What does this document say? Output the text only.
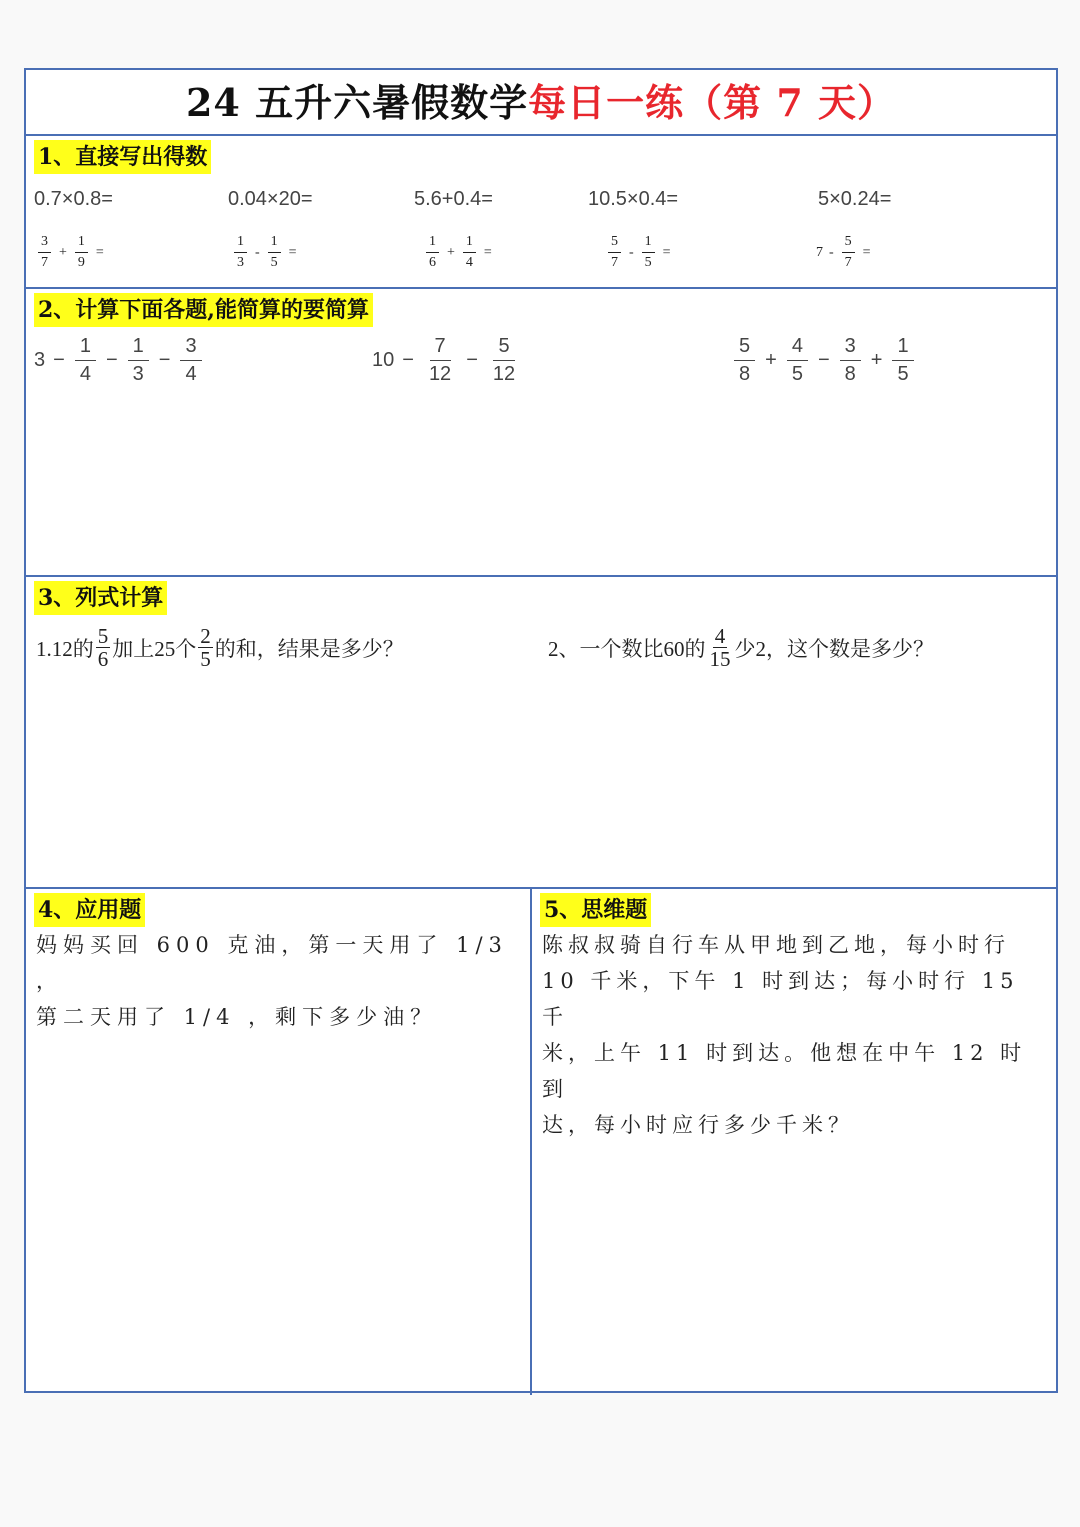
24 五升六暑假数学每日一练（第 7 天）
1、直接写出得数
0.7×0.8=	0.04×20=	5.6+0.4=	10.5×0.4=	5×0.24=
$\frac{3}{7} + \frac{1}{9}$ =	$\frac{1}{3} - \frac{1}{5}$ =	$\frac{1}{6} + \frac{1}{4}$ =	$\frac{5}{7} - \frac{1}{5}$ =	$7 - \frac{5}{7}$ =
2、计算下面各题,能简算的要简算
$3 - \frac{1}{4} - \frac{1}{3} - \frac{3}{4}$	$10 - \frac{7}{12} - \frac{5}{12}$	$\frac{5}{8} + \frac{4}{5} - \frac{3}{8} + \frac{1}{5}$
3、列式计算
1.12的 $\frac{5}{6}$ 加上25个 $\frac{2}{5}$ 的和，结果是多少？	2、一个数比60的 $\frac{4}{15}$ 少2，这个数是多少？
4、应用题
妈妈买回 600 克油，第一天用了 1/3 ，
第二天用了 1/4 ，剩下多少油？
5、思维题
陈叔叔骑自行车从甲地到乙地，每小时行
10 千米，下午 1 时到达；每小时行 15 千
米，上午 11 时到达。他想在中午 12 时到
达，每小时应行多少千米？
